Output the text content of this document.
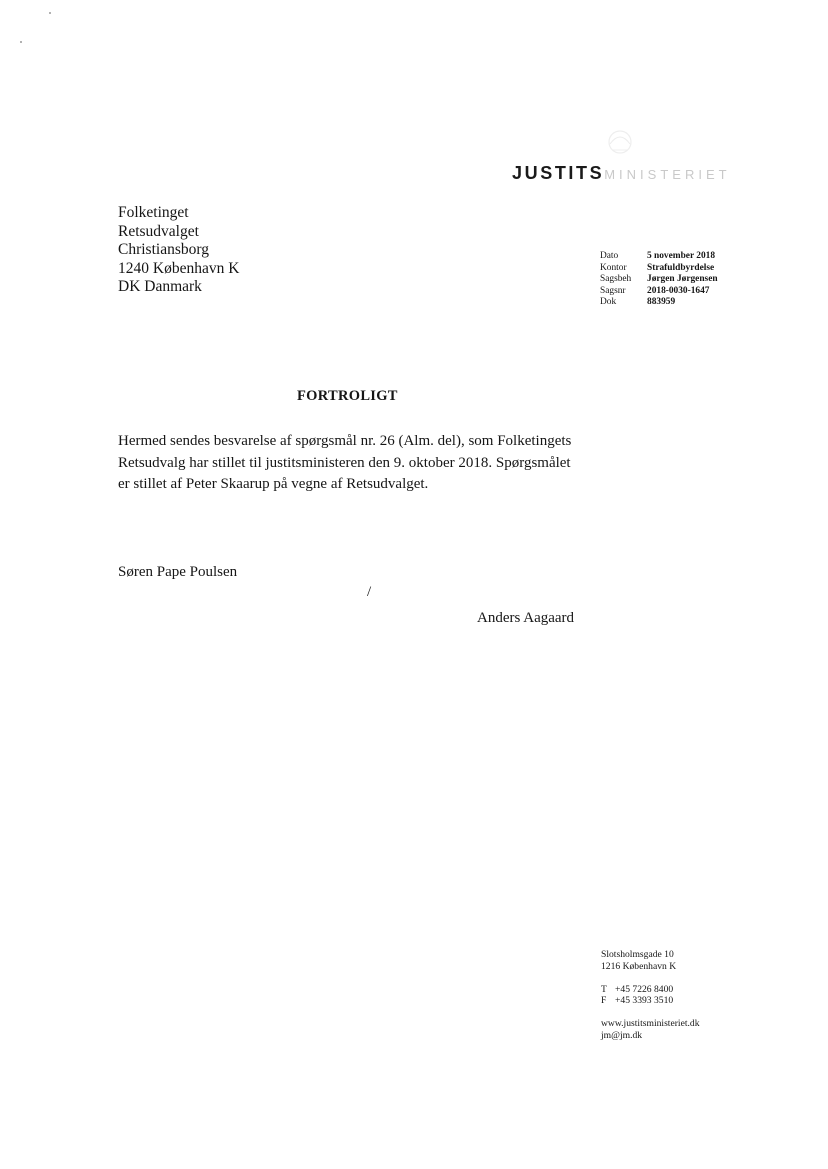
JUSTITSMINISTERIET
Folketinget
Retsudvalget
Christiansborg
1240 København K
DK Danmark
Dato	5 november 2018
Kontor	Strafuldbyrdelse
Sagsbeh	Jørgen Jørgensen
Sagsnr	2018-0030-1647
Dok	883959
FORTROLIGT
Hermed sendes besvarelse af spørgsmål nr. 26 (Alm. del), som Folketingets
Retsudvalg har stillet til justitsministeren den 9. oktober 2018. Spørgsmålet
er stillet af Peter Skaarup på vegne af Retsudvalget.
Søren Pape Poulsen
/
Anders Aagaard
Slotsholmsgade 10
1216 København K
T +45 7226 8400
F +45 3393 3510
www.justitsministeriet.dk
jm@jm.dk
